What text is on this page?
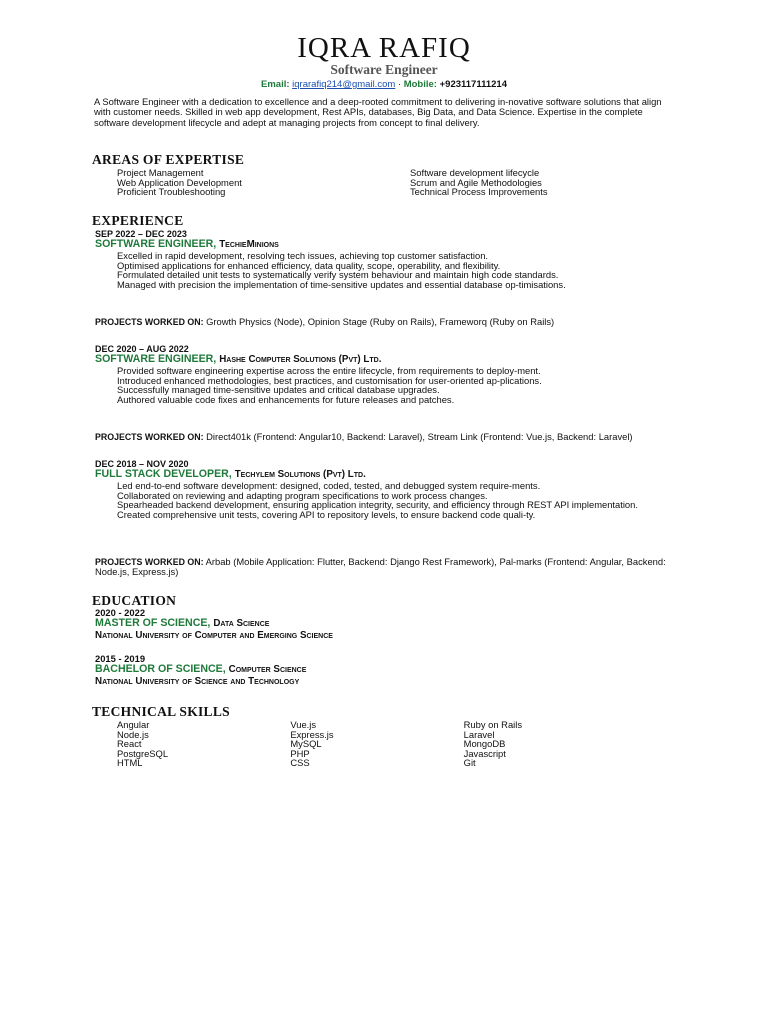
IQRA RAFIQ
Software Engineer
Email: iqrarafiq214@gmail.com · Mobile: +923117111214
A Software Engineer with a dedication to excellence and a deep-rooted commitment to delivering in-novative software solutions that align with customer needs. Skilled in web app development, Rest APIs, databases, Big Data, and Data Science. Expertise in the complete software development lifecycle and adept at managing projects from concept to final delivery.
AREAS OF EXPERTISE
Project Management	Software development lifecycle
Web Application Development	Scrum and Agile Methodologies
Proficient Troubleshooting	Technical Process Improvements
EXPERIENCE
SEP 2022 – DEC 2023
SOFTWARE ENGINEER, TechieMinions
Excelled in rapid development, resolving tech issues, achieving top customer satisfaction.
Optimised applications for enhanced efficiency, data quality, scope, operability, and flexibility.
Formulated detailed unit tests to systematically verify system behaviour and maintain high code standards.
Managed with precision the implementation of time-sensitive updates and essential database op-timisations.
PROJECTS WORKED ON: Growth Physics (Node), Opinion Stage (Ruby on Rails), Frameworq (Ruby on Rails)
DEC 2020 – AUG 2022
SOFTWARE ENGINEER, Hashe Computer Solutions (Pvt) Ltd.
Provided software engineering expertise across the entire lifecycle, from requirements to deploy-ment.
Introduced enhanced methodologies, best practices, and customisation for user-oriented ap-plications.
Successfully managed time-sensitive updates and critical database upgrades.
Authored valuable code fixes and enhancements for future releases and patches.
PROJECTS WORKED ON: Direct401k (Frontend: Angular10, Backend: Laravel), Stream Link (Frontend: Vue.js, Backend: Laravel)
DEC 2018 – NOV 2020
FULL STACK DEVELOPER, Techylem Solutions (Pvt) Ltd.
Led end-to-end software development: designed, coded, tested, and debugged system require-ments.
Collaborated on reviewing and adapting program specifications to work process changes.
Spearheaded backend development, ensuring application integrity, security, and efficiency through REST API implementation.
Created comprehensive unit tests, covering API to repository levels, to ensure backend code quali-ty.
PROJECTS WORKED ON: Arbab (Mobile Application: Flutter, Backend: Django Rest Framework), Pal-marks (Frontend: Angular, Backend: Node.js, Express.js)
EDUCATION
2020 - 2022
MASTER OF SCIENCE, Data Science
National University of Computer and Emerging Science
2015 - 2019
BACHELOR OF SCIENCE, Computer Science
National University of Science and Technology
TECHNICAL SKILLS
Angular	Vue.js	Ruby on Rails
Node.js	Express.js	Laravel
React	MySQL	MongoDB
PostgreSQL	PHP	Javascript
HTML	CSS	Git
